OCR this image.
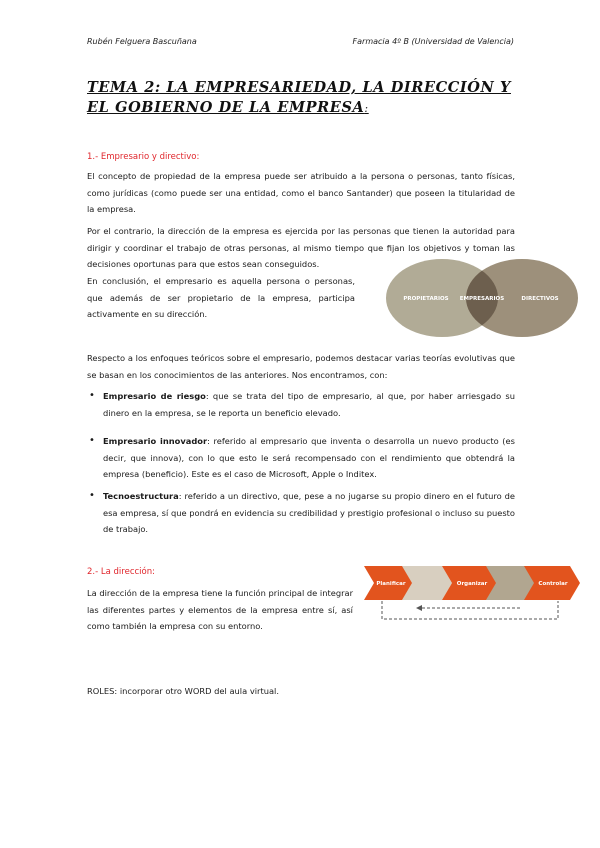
Rubén Felguera Bascuñana	Farmacia 4º B (Universidad de Valencia)
TEMA 2: LA EMPRESARIEDAD, LA DIRECCIÓN Y EL GOBIERNO DE LA EMPRESA:
1.- Empresario y directivo:
El concepto de propiedad de la empresa puede ser atribuido a la persona o personas, tanto físicas, como jurídicas (como puede ser una entidad, como el banco Santander) que poseen la titularidad de la empresa.
Por el contrario, la dirección de la empresa es ejercida por las personas que tienen la autoridad para dirigir y coordinar el trabajo de otras personas, al mismo tiempo que fijan los objetivos y toman las decisiones oportunas para que estos sean conseguidos.
En conclusión, el empresario es aquella persona o personas, que además de ser propietario de la empresa, participa activamente en su dirección.
PROPIETARIOS EMPRESARIOS	DIRECTIVOS
Respecto a los enfoques teóricos sobre el empresario, podemos destacar varias teorías evolutivas que se basan en los conocimientos de las anteriores. Nos encontramos, con:
• Empresario de riesgo: que se trata del tipo de empresario, al que, por haber arriesgado su dinero en la empresa, se le reporta un beneficio elevado.
• Empresario innovador: referido al empresario que inventa o desarrolla un nuevo producto (es decir, que innova), con lo que esto le será recompensado con el rendimiento que obtendrá la empresa (beneficio). Este es el caso de Microsoft, Apple o Inditex.
• Tecnoestructura: referido a un directivo, que, pese a no jugarse su propio dinero en el futuro de esa empresa, sí que pondrá en evidencia su credibilidad y prestigio profesional o incluso su puesto de trabajo.
2.- La dirección:
La dirección de la empresa tiene la función principal de integrar las diferentes partes y elementos de la empresa entre sí, así como también la empresa con su entorno.
Planificar	Organizar	Controlar
ROLES: incorporar otro WORD del aula virtual.
